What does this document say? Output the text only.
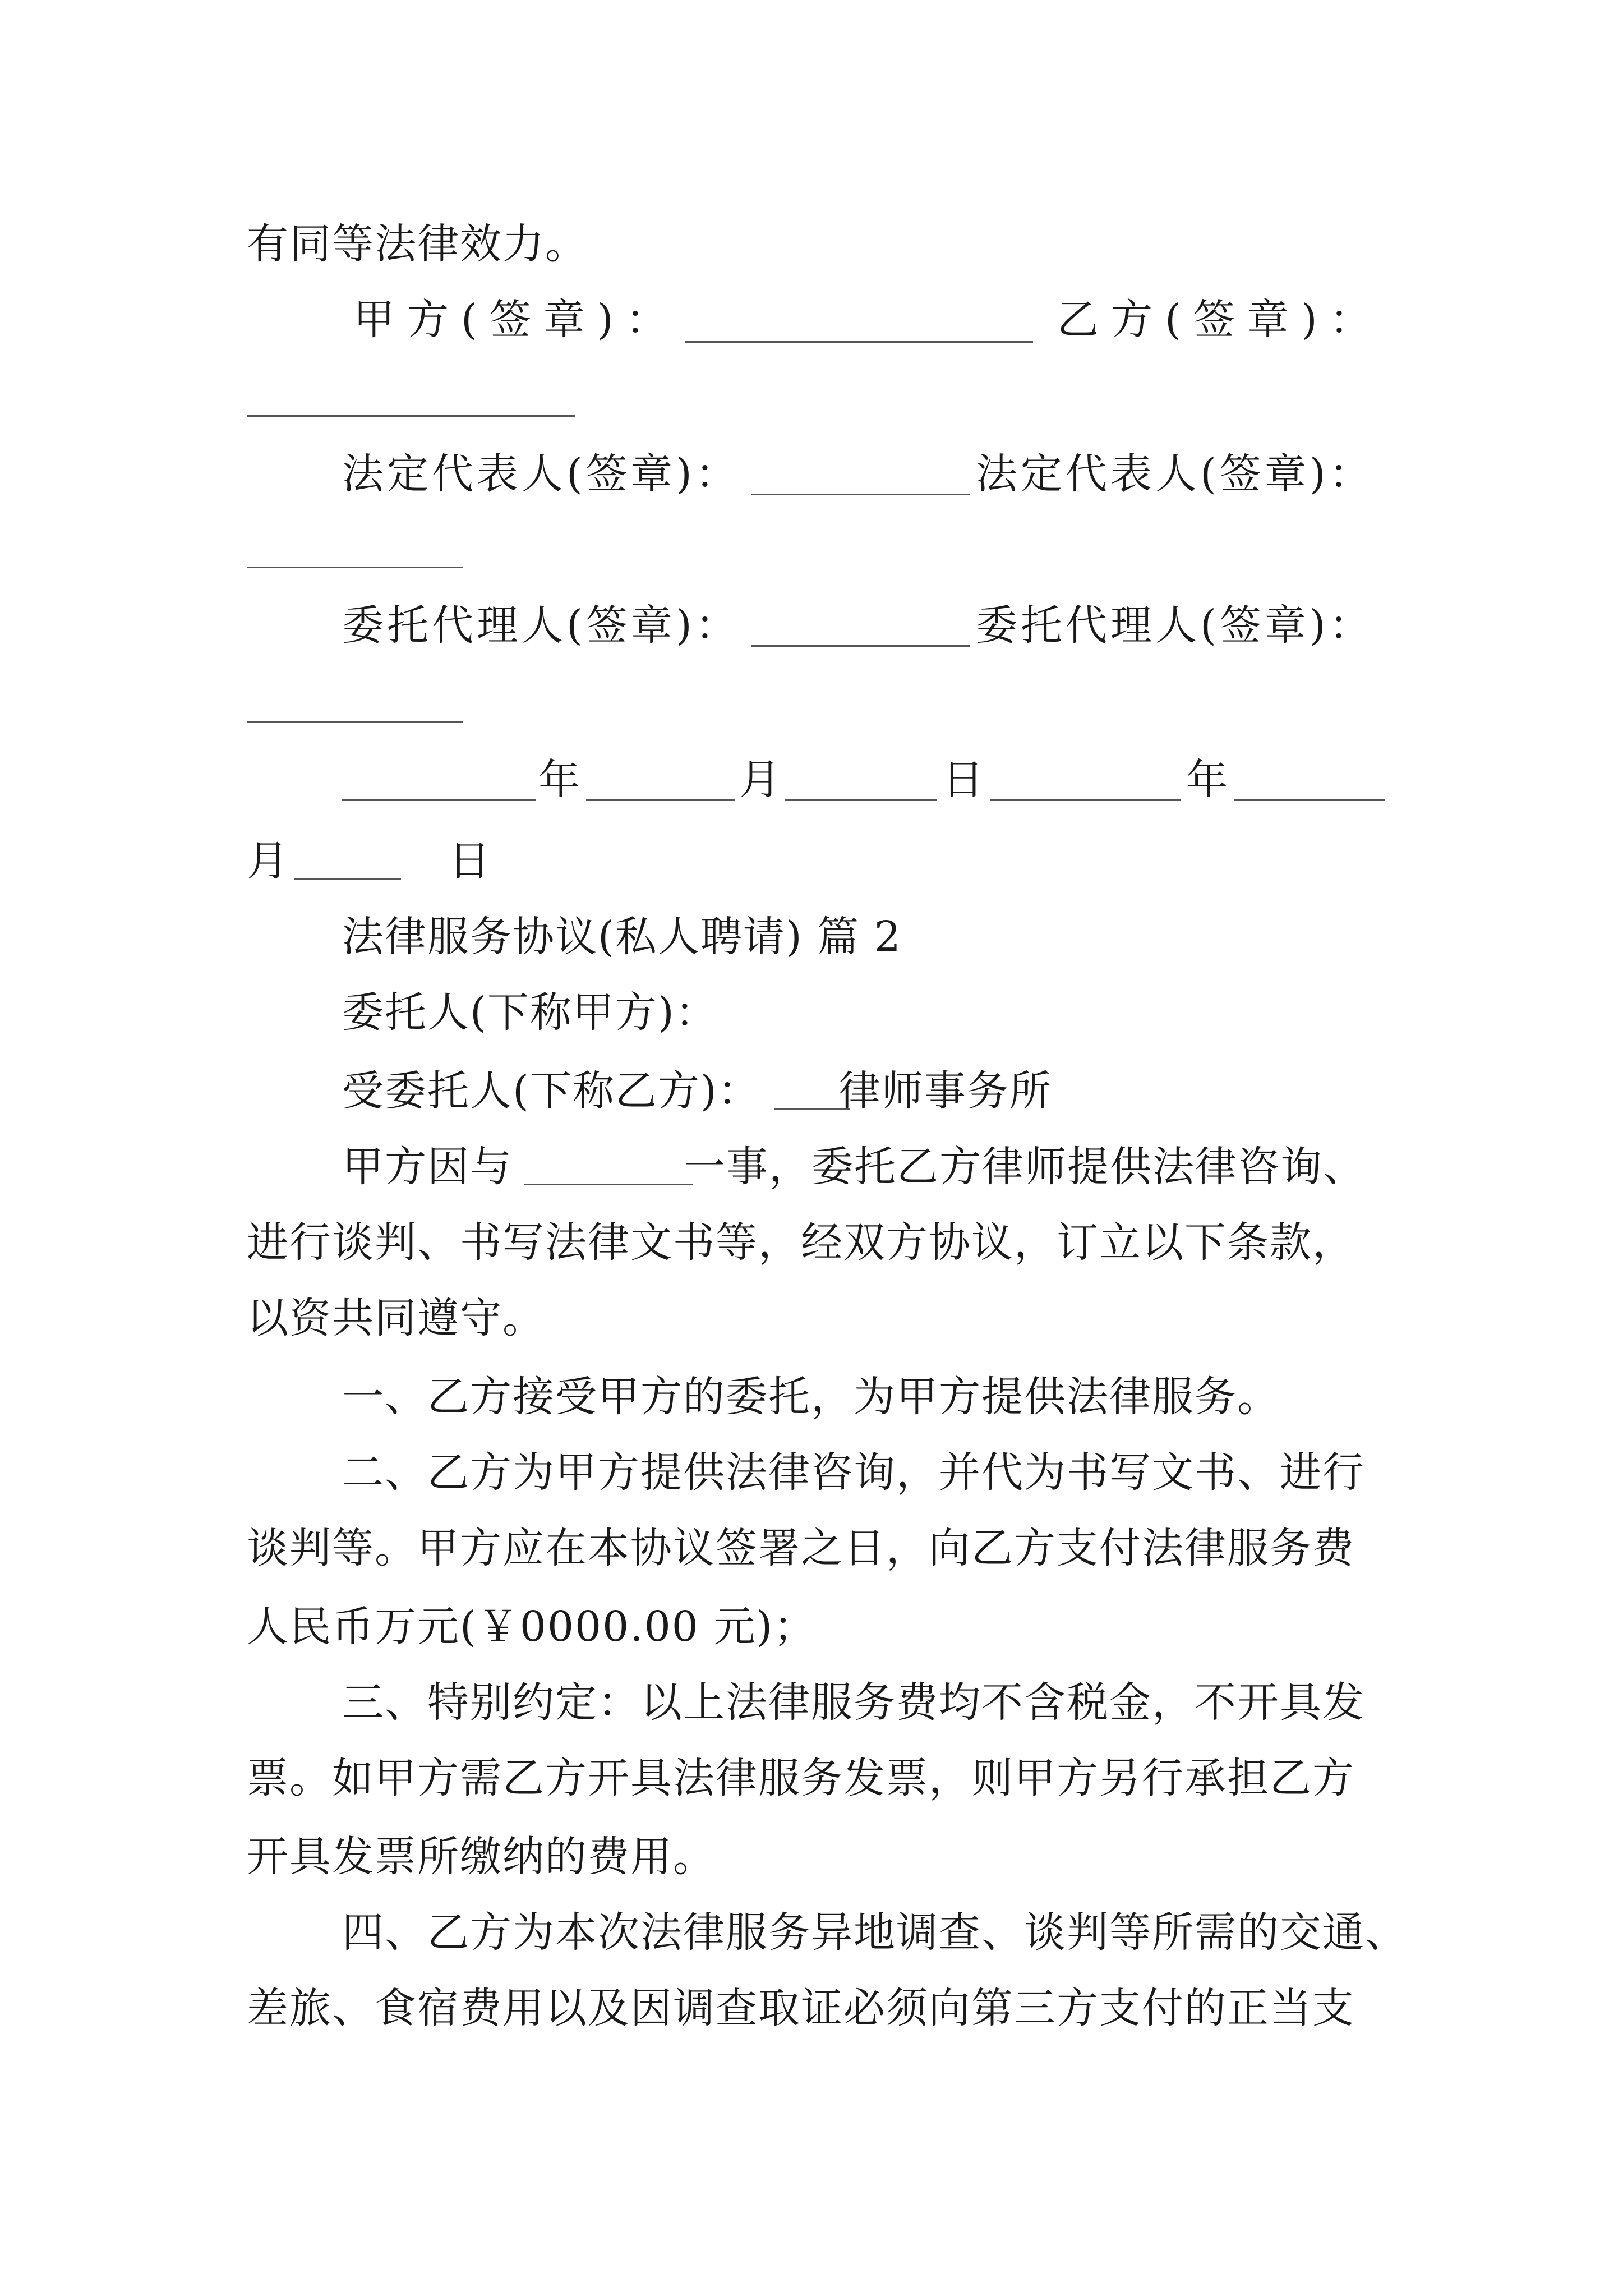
有同等法律效力。

甲方(签章)：	乙方(签章)：
法定代表人(签章)：	法定代表人(签章)：
委托代理人(签章)：	委托代理人(签章)：
年	月	日	年
月	日

法律服务协议(私人聘请) 篇 2

委托人(下称甲方)：

受委托人(下称乙方)： 律师事务所

甲方因与	一事，委托乙方律师提供法律咨询、

进行谈判、书写法律文书等，经双方协议，订立以下条款，

以资共同遵守。

一、乙方接受甲方的委托，为甲方提供法律服务。

二、乙方为甲方提供法律咨询，并代为书写文书、进行

谈判等。甲方应在本协议签署之日，向乙方支付法律服务费

人民币万元(￥0000.00 元)；

三、特别约定：以上法律服务费均不含税金，不开具发

票。如甲方需乙方开具法律服务发票，则甲方另行承担乙方

开具发票所缴纳的费用。

四、乙方为本次法律服务异地调查、谈判等所需的交通、

差旅、食宿费用以及因调查取证必须向第三方支付的正当支
